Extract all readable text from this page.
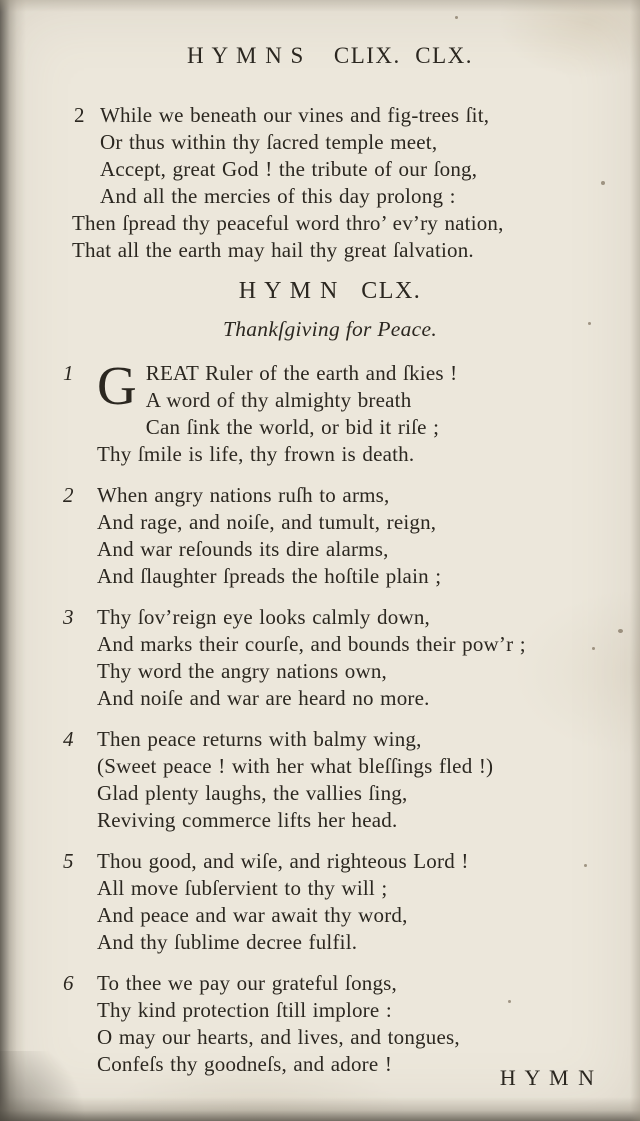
H Y M N S    CLIX.  CLX.
2 While we beneath our vines and fig-trees ſit,
Or thus within thy ſacred temple meet,
Accept, great God ! the tribute of our ſong,
And all the mercies of this day prolong :
Then ſpread thy peaceful word thro’ ev’ry nation,
That all the earth may hail thy great ſalvation.
H Y M N   CLX.
Thankſgiving for Peace.
1 G REAT Ruler of the earth and ſkies !
A word of thy almighty breath
Can ſink the world, or bid it riſe ;
Thy ſmile is life, thy frown is death.
2 When angry nations ruſh to arms,
And rage, and noiſe, and tumult, reign,
And war reſounds its dire alarms,
And ſlaughter ſpreads the hoſtile plain ;
3 Thy ſov’reign eye looks calmly down,
And marks their courſe, and bounds their pow’r ;
Thy word the angry nations own,
And noiſe and war are heard no more.
4 Then peace returns with balmy wing,
(Sweet peace ! with her what bleſſings fled !)
Glad plenty laughs, the vallies ſing,
Reviving commerce lifts her head.
5 Thou good, and wiſe, and righteous Lord !
All move ſubſervient to thy will ;
And peace and war await thy word,
And thy ſublime decree fulfil.
6 To thee we pay our grateful ſongs,
Thy kind protection ſtill implore :
O may our hearts, and lives, and tongues,
Confeſs thy goodneſs, and adore !
H Y M N
